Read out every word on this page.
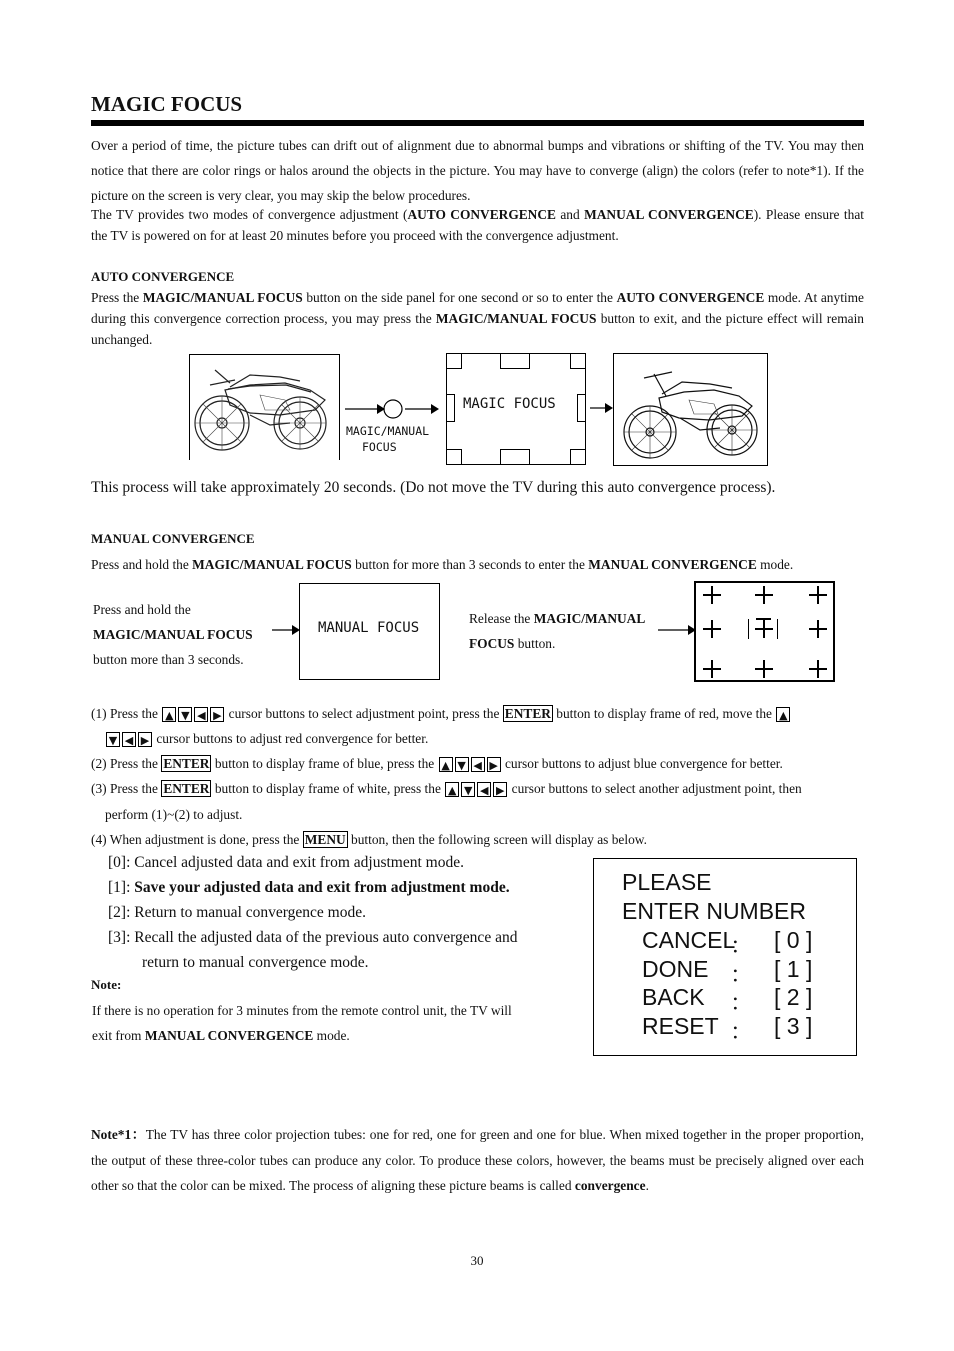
MAGIC FOCUS
Over a period of time, the picture tubes can drift out of alignment due to abnormal bumps and vibrations or shifting of the TV. You may then notice that there are color rings or halos around the objects in the picture. You may have to converge (align) the colors (refer to note*1). If the picture on the screen is very clear, you may skip the below procedures.
The TV provides two modes of convergence adjustment (AUTO CONVERGENCE and MANUAL CONVERGENCE). Please ensure that the TV is powered on for at least 20 minutes before you proceed with the convergence adjustment.
AUTO CONVERGENCE
Press the MAGIC/MANUAL FOCUS button on the side panel for one second or so to enter the AUTO CONVERGENCE mode. At anytime during this convergence correction process, you may press the MAGIC/MANUAL FOCUS button to exit, and the picture effect will remain unchanged.
MAGIC/MANUAL
FOCUS
MAGIC FOCUS
This process will take approximately 20 seconds. (Do not move the TV during this auto convergence process).
MANUAL CONVERGENCE
Press and hold the MAGIC/MANUAL FOCUS button for more than 3 seconds to enter the MANUAL CONVERGENCE mode.
Press and hold the
MAGIC/MANUAL FOCUS
button more than 3 seconds.
MANUAL FOCUS
Release the MAGIC/MANUAL
FOCUS button.
(1) Press the ▲ ▼ ◀ ▶ cursor buttons to select adjustment point, press the ENTER button to display frame of red, move the ▲
▼ ◀ ▶ cursor buttons to adjust red convergence for better.
(2) Press the ENTER button to display frame of blue, press the ▲ ▼ ◀ ▶ cursor buttons to adjust blue convergence for better.
(3) Press the ENTER button to display frame of white, press the ▲ ▼ ◀ ▶ cursor buttons to select another adjustment point, then
perform (1)~(2) to adjust.
(4) When adjustment is done, press the MENU button, then the following screen will display as below.
[0]: Cancel adjusted data and exit from adjustment mode.
[1]: Save your adjusted data and exit from adjustment mode.
[2]: Return to manual convergence mode.
[3]: Recall the adjusted data of the previous auto convergence and
return to manual convergence mode.
Note:
If there is no operation for 3 minutes from the remote control unit, the TV will
exit from MANUAL CONVERGENCE mode.
PLEASE
ENTER NUMBER
CANCEL
： [ 0 ]
DONE ： [ 1 ]
BACK ： [ 2 ]
RESET ： [ 3 ]
Note*1：The TV has three color projection tubes: one for red, one for green and one for blue. When mixed together in the proper proportion, the output of these three-color tubes can produce any color. To produce these colors, however, the beams must be precisely aligned over each other so that the color can be mixed. The process of aligning these picture beams is called convergence.
30
